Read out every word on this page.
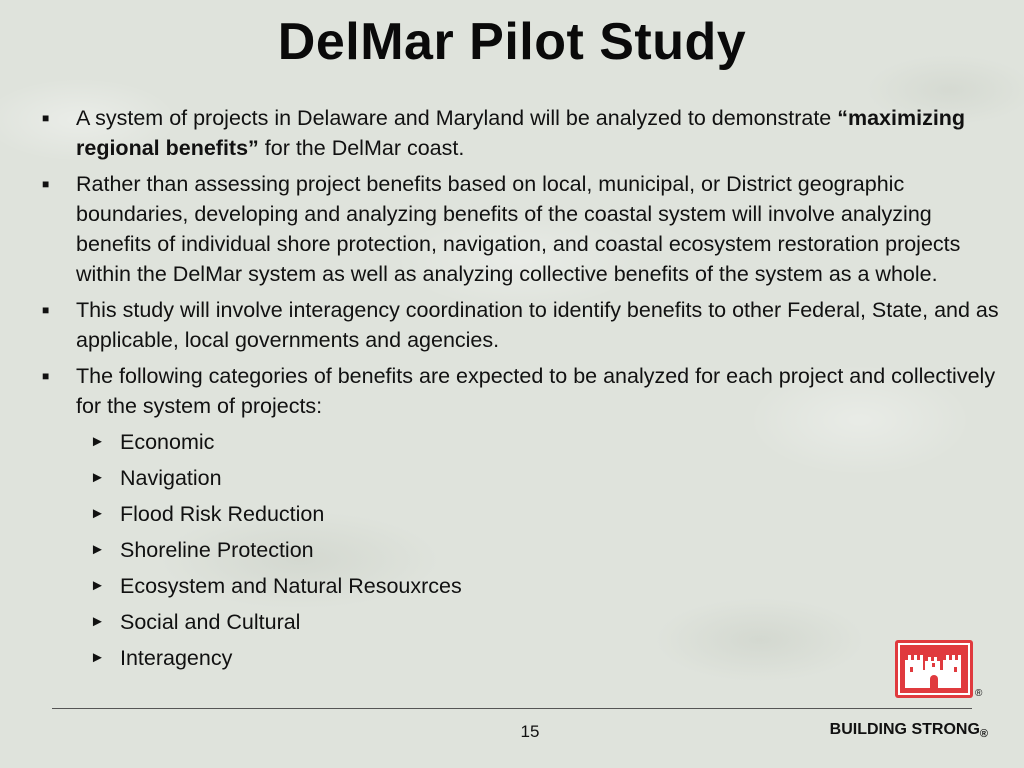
DelMar Pilot Study
■
A system of projects in Delaware and Maryland will be analyzed to demonstrate “maximizing regional benefits” for the DelMar coast.
■
Rather than assessing project benefits based on local, municipal, or District geographic boundaries, developing and analyzing benefits of the coastal system will involve analyzing benefits of individual shore protection, navigation, and coastal ecosystem restoration projects within the DelMar system as well as analyzing collective benefits of the system as a whole.
■
This study will involve interagency coordination to identify benefits to other Federal, State, and as applicable, local governments and agencies.
■
The following categories of benefits are expected to be analyzed for each project and collectively for the system of projects:
► Economic
► Navigation
► Flood Risk Reduction
► Shoreline Protection
► Ecosystem and Natural Resouxrces
► Social and Cultural
► Interagency
®
15	BUILDING STRONG®
